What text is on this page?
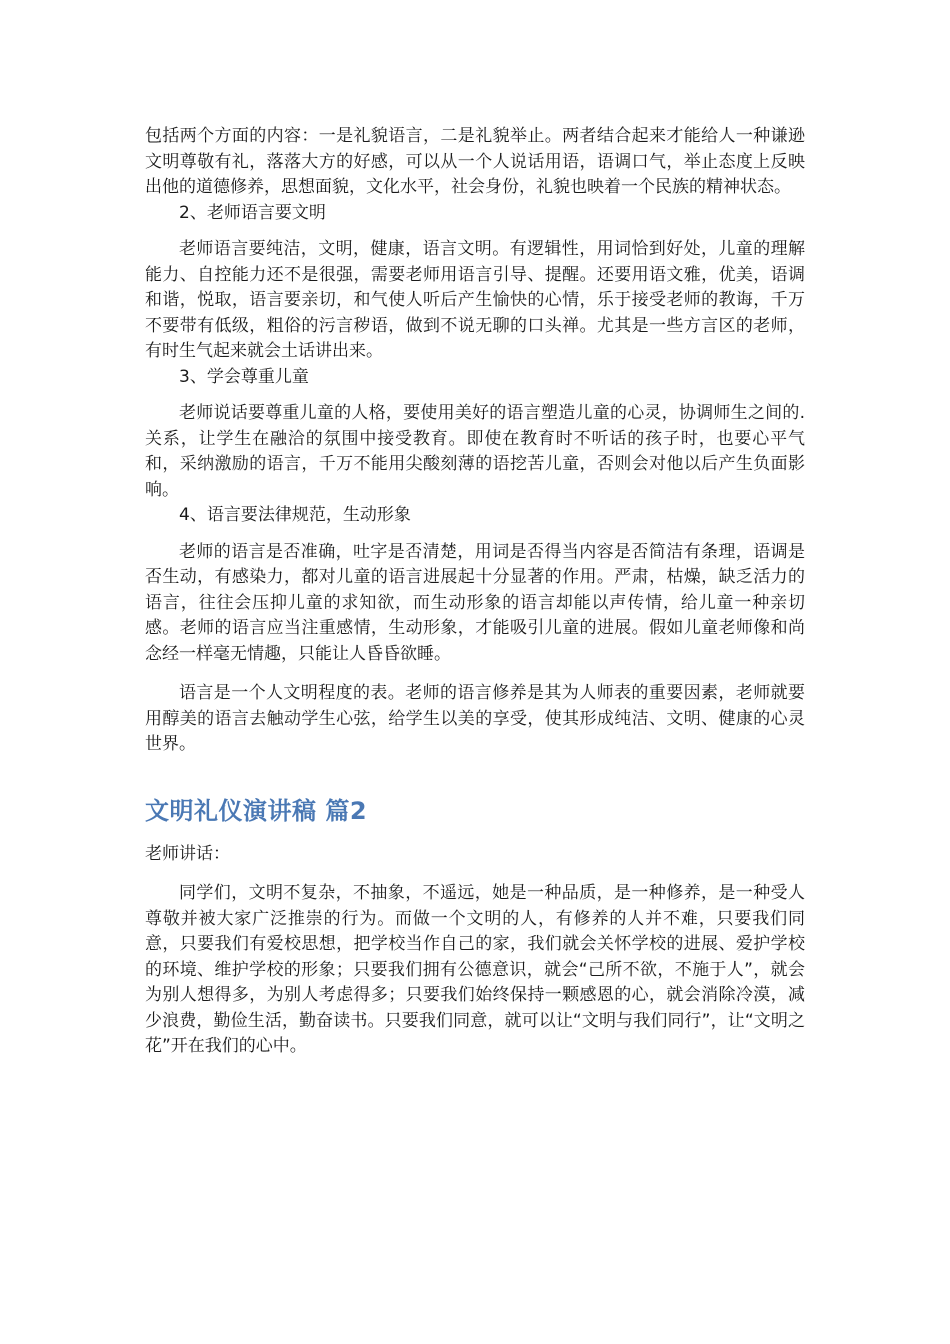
包括两个方面的内容：一是礼貌语言，二是礼貌举止。两者结合起来才能给人一种谦逊文明尊敬有礼，落落大方的好感，可以从一个人说话用语，语调口气，举止态度上反映出他的道德修养，思想面貌，文化水平，社会身份，礼貌也映着一个民族的精神状态。

2、老师语言要文明

老师语言要纯洁，文明，健康，语言文明。有逻辑性，用词恰到好处，儿童的理解能力、自控能力还不是很强，需要老师用语言引导、提醒。还要用语文雅，优美，语调和谐，悦取，语言要亲切，和气使人听后产生愉快的心情，乐于接受老师的教诲，千万不要带有低级，粗俗的污言秽语，做到不说无聊的口头禅。尤其是一些方言区的老师，有时生气起来就会土话讲出来。

3、学会尊重儿童

老师说话要尊重儿童的人格，要使用美好的语言塑造儿童的心灵，协调师生之间的.关系，让学生在融洽的氛围中接受教育。即使在教育时不听话的孩子时，也要心平气和，采纳激励的语言，千万不能用尖酸刻薄的语挖苦儿童，否则会对他以后产生负面影响。

4、语言要法律规范，生动形象

老师的语言是否准确，吐字是否清楚，用词是否得当内容是否简洁有条理，语调是否生动，有感染力，都对儿童的语言进展起十分显著的作用。严肃，枯燥，缺乏活力的语言，往往会压抑儿童的求知欲，而生动形象的语言却能以声传情，给儿童一种亲切感。老师的语言应当注重感情，生动形象，才能吸引儿童的进展。假如儿童老师像和尚念经一样毫无情趣，只能让人昏昏欲睡。

语言是一个人文明程度的表。老师的语言修养是其为人师表的重要因素，老师就要用醇美的语言去触动学生心弦，给学生以美的享受，使其形成纯洁、文明、健康的心灵世界。

文明礼仪演讲稿 篇2

老师讲话：

同学们，文明不复杂，不抽象，不遥远，她是一种品质，是一种修养，是一种受人尊敬并被大家广泛推崇的行为。而做一个文明的人，有修养的人并不难，只要我们同意，只要我们有爱校思想，把学校当作自己的家，我们就会关怀学校的进展、爱护学校的环境、维护学校的形象；只要我们拥有公德意识，就会“己所不欲，不施于人”，就会为别人想得多，为别人考虑得多；只要我们始终保持一颗感恩的心，就会消除冷漠，减少浪费，勤俭生活，勤奋读书。只要我们同意，就可以让“文明与我们同行”，让“文明之花”开在我们的心中。
